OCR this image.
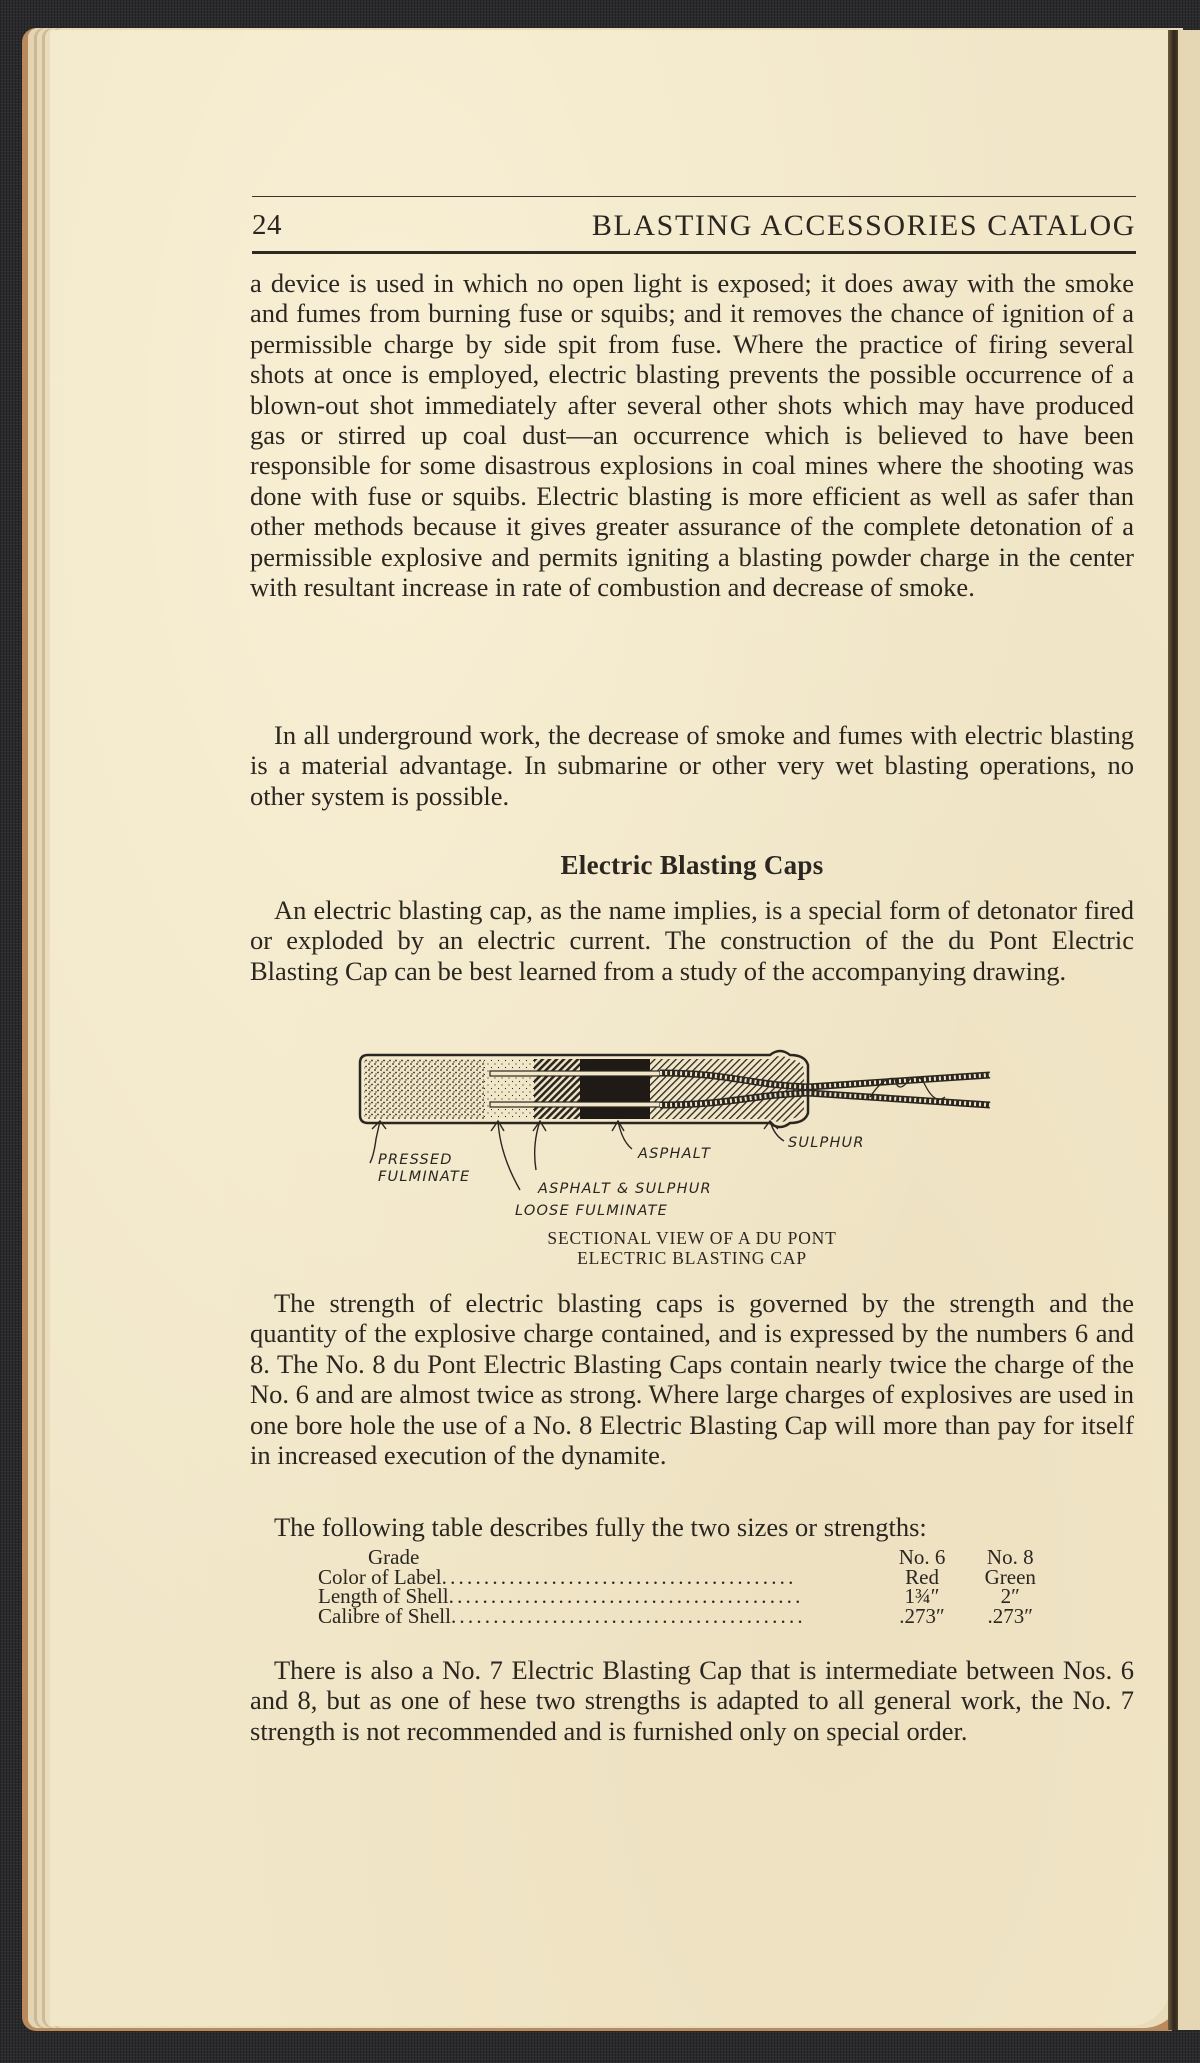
24	BLASTING ACCESSORIES CATALOG

a device is used in which no open light is exposed; it does away with the smoke and fumes from burning fuse or squibs; and it removes the chance of ignition of a permissible charge by side spit from fuse. Where the practice of firing several shots at once is employed, electric blasting prevents the possible occurrence of a blown-out shot immediately after several other shots which may have produced gas or stirred up coal dust—an occurrence which is believed to have been responsible for some disastrous explosions in coal mines where the shooting was done with fuse or squibs. Electric blasting is more efficient as well as safer than other methods because it gives greater assurance of the complete detonation of a permissible explosive and permits igniting a blasting powder charge in the center with resultant increase in rate of combustion and decrease of smoke.

In all underground work, the decrease of smoke and fumes with electric blasting is a material advantage. In submarine or other very wet blasting operations, no other system is possible.

Electric Blasting Caps

An electric blasting cap, as the name implies, is a special form of detonator fired or exploded by an electric current. The construction of the du Pont Electric Blasting Cap can be best learned from a study of the accompanying drawing.

PRESSED
FULMINATE
LOOSE FULMINATE
ASPHALT & SULPHUR
ASPHALT
SULPHUR
SECTIONAL VIEW OF A DU PONT
ELECTRIC BLASTING CAP

The strength of electric blasting caps is governed by the strength and the quantity of the explosive charge contained, and is expressed by the numbers 6 and 8. The No. 8 du Pont Electric Blasting Caps contain nearly twice the charge of the No. 6 and are almost twice as strong. Where large charges of explosives are used in one bore hole the use of a No. 8 Electric Blasting Cap will more than pay for itself in increased execution of the dynamite.

The following table describes fully the two sizes or strengths:

Grade	No. 6	No. 8
Color of Label..........................................	Red	Green
Length of Shell..........................................	1¾″	2″
Calibre of Shell..........................................	.273″	.273″

There is also a No. 7 Electric Blasting Cap that is intermediate between Nos. 6 and 8, but as one of hese two strengths is adapted to all general work, the No. 7 strength is not recommended and is furnished only on special order.
